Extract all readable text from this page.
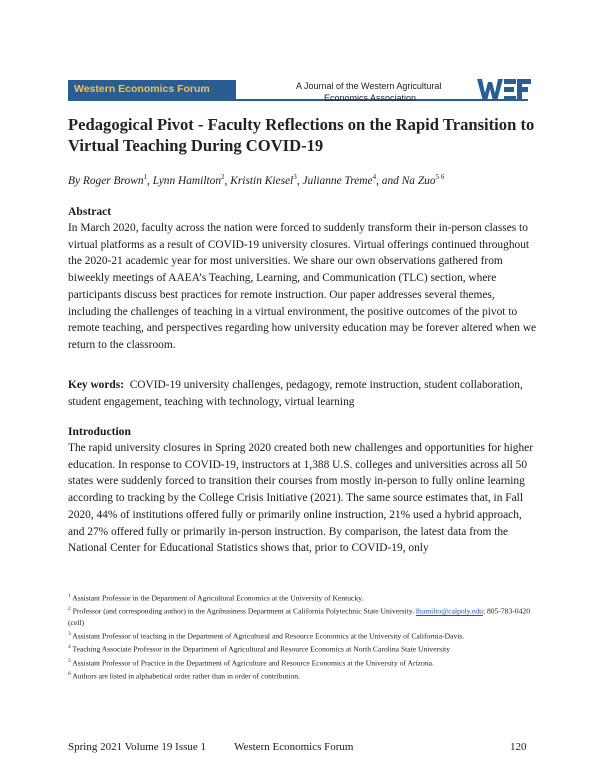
Western Economics Forum	A Journal of the Western Agricultural
Economics Association
Pedagogical Pivot - Faculty Reflections on the Rapid Transition to Virtual Teaching During COVID-19
By Roger Brown$^1$, Lynn Hamilton$^2$, Kristin Kiesel$^3$, Julianne Treme$^4$, and Na Zuo$^{5 6}$
Abstract
In March 2020, faculty across the nation were forced to suddenly transform their in-person classes to virtual platforms as a result of COVID-19 university closures. Virtual offerings continued throughout the 2020-21 academic year for most universities. We share our own observations gathered from biweekly meetings of AAEA’s Teaching, Learning, and Communication (TLC) section, where participants discuss best practices for remote instruction. Our paper addresses several themes, including the challenges of teaching in a virtual environment, the positive outcomes of the pivot to remote teaching, and perspectives regarding how university education may be forever altered when we return to the classroom.
Key words: COVID-19 university challenges, pedagogy, remote instruction, student collaboration, student engagement, teaching with technology, virtual learning
Introduction
The rapid university closures in Spring 2020 created both new challenges and opportunities for higher education. In response to COVID-19, instructors at 1,388 U.S. colleges and universities across all 50 states were suddenly forced to transition their courses from mostly in-person to fully online learning according to tracking by the College Crisis Initiative (2021). The same source estimates that, in Fall 2020, 44% of institutions offered fully or primarily online instruction, 21% used a hybrid approach, and 27% offered fully or primarily in-person instruction. By comparison, the latest data from the National Center for Educational Statistics shows that, prior to COVID-19, only
$^1$ Assistant Professor in the Department of Agricultural Economics at the University of Kentucky.
$^2$ Professor (and corresponding author) in the Agribusiness Department at California Polytechnic State University. lhamilto@calpoly.edu; 805-783-0420 (cell)
$^3$ Assistant Professor of teaching in the Department of Agricultural and Resource Economics at the University of California-Davis.
$^4$ Teaching Associate Professor in the Department of Agricultural and Resource Economics at North Carolina State University
$^5$ Assistant Professor of Practice in the Department of Agriculture and Resource Economics at the University of Arizona.
$^6$ Authors are listed in alphabetical order rather than in order of contribution.
Spring 2021 Volume 19 Issue 1	Western Economics Forum	120
